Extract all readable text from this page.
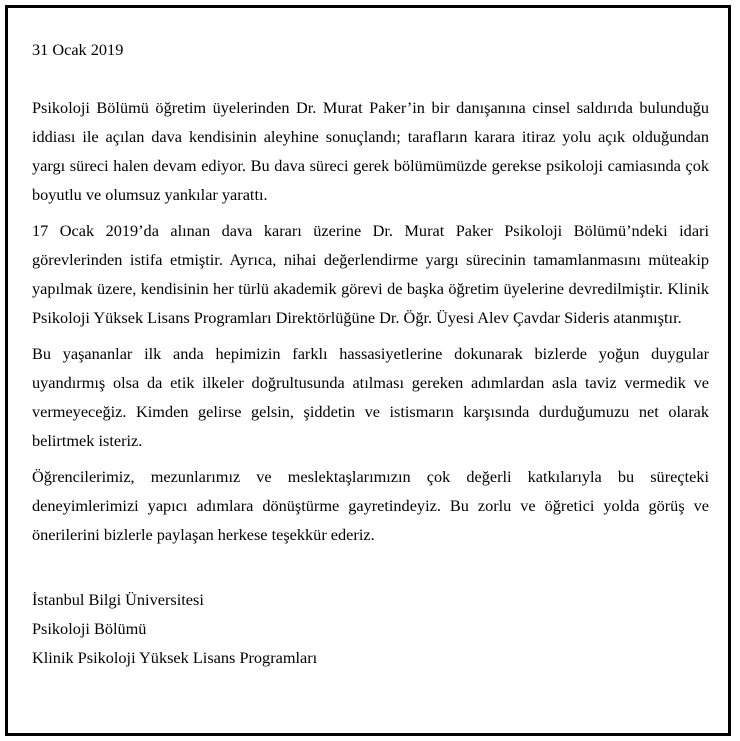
31 Ocak 2019

Psikoloji Bölümü öğretim üyelerinden Dr. Murat Paker’in bir danışanına cinsel saldırıda bulunduğu iddiası ile açılan dava kendisinin aleyhine sonuçlandı; tarafların karara itiraz yolu açık olduğundan yargı süreci halen devam ediyor. Bu dava süreci gerek bölümümüzde gerekse psikoloji camiasında çok boyutlu ve olumsuz yankılar yarattı.

17 Ocak 2019’da alınan dava kararı üzerine Dr. Murat Paker Psikoloji Bölümü’ndeki idari görevlerinden istifa etmiştir. Ayrıca, nihai değerlendirme yargı sürecinin tamamlanmasını müteakip yapılmak üzere, kendisinin her türlü akademik görevi de başka öğretim üyelerine devredilmiştir. Klinik Psikoloji Yüksek Lisans Programları Direktörlüğüne Dr. Öğr. Üyesi Alev Çavdar Sideris atanmıştır.

Bu yaşananlar ilk anda hepimizin farklı hassasiyetlerine dokunarak bizlerde yoğun duygular uyandırmış olsa da etik ilkeler doğrultusunda atılması gereken adımlardan asla taviz vermedik ve vermeyeceğiz. Kimden gelirse gelsin, şiddetin ve istismarın karşısında durduğumuzu net olarak belirtmek isteriz.

Öğrencilerimiz, mezunlarımız ve meslektaşlarımızın çok değerli katkılarıyla bu süreçteki deneyimlerimizi yapıcı adımlara dönüştürme gayretindeyiz. Bu zorlu ve öğretici yolda görüş ve önerilerini bizlerle paylaşan herkese teşekkür ederiz.

İstanbul Bilgi Üniversitesi

Psikoloji Bölümü

Klinik Psikoloji Yüksek Lisans Programları
